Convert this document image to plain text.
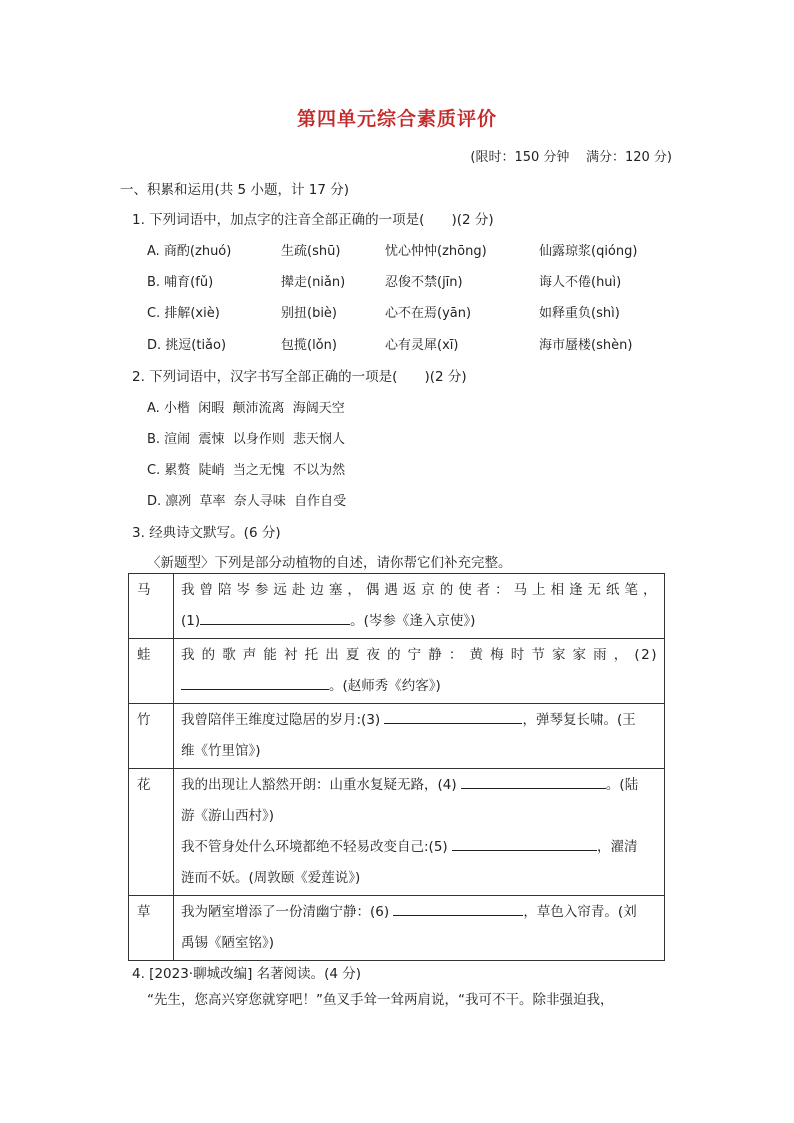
第四单元综合素质评价
(限时：150 分钟 满分：120 分)
一、积累和运用(共 5 小题，计 17 分)
1. 下列词语中，加点字的注音全部正确的一项是(　　)(2 分)
A. 商酌(zhuó)	生疏(shū)	忧心忡忡(zhōng)	仙露琼浆(qióng)
B. 哺育(fǔ)	撵走(niǎn)	忍俊不禁(jīn)	诲人不倦(huì)
C. 排解(xiè)	别扭(biè)	心不在焉(yān)	如释重负(shì)
D. 挑逗(tiǎo)	包揽(lǒn)	心有灵犀(xī)	海市蜃楼(shèn)
2. 下列词语中，汉字书写全部正确的一项是(　　)(2 分)
A. 小楷  闲暇  颠沛流离  海阔天空
B. 渲闹  震悚  以身作则  悲天悯人
C. 累赘  陡峭  当之无愧  不以为然
D. 凛冽  草率  奈人寻味  自作自受
3. 经典诗文默写。(6 分)
〈新题型〉下列是部分动植物的自述，请你帮它们补充完整。
马	我曾陪岑参远赴边塞，偶遇返京的使者：马上相逢无纸笔，
(1) 。(岑参《逢入京使》)

蛙	我的歌声能衬托出夏夜的宁静：黄梅时节家家雨，(2)
。(赵师秀《约客》)

竹	我曾陪伴王维度过隐居的岁月:(3) ，弹琴复长啸。(王
维《竹里馆》)

花	我的出现让人豁然开朗：山重水复疑无路，(4) 。(陆
游《游山西村》)
我不管身处什么环境都绝不轻易改变自己:(5) ，濯清
涟而不妖。(周敦颐《爱莲说》)

草	我为陋室增添了一份清幽宁静：(6) ，草色入帘青。(刘
禹锡《陋室铭》)
4. [2023·聊城改编] 名著阅读。(4 分)
“先生，您高兴穿您就穿吧！”鱼叉手耸一耸两肩说，“我可不干。除非强迫我，
